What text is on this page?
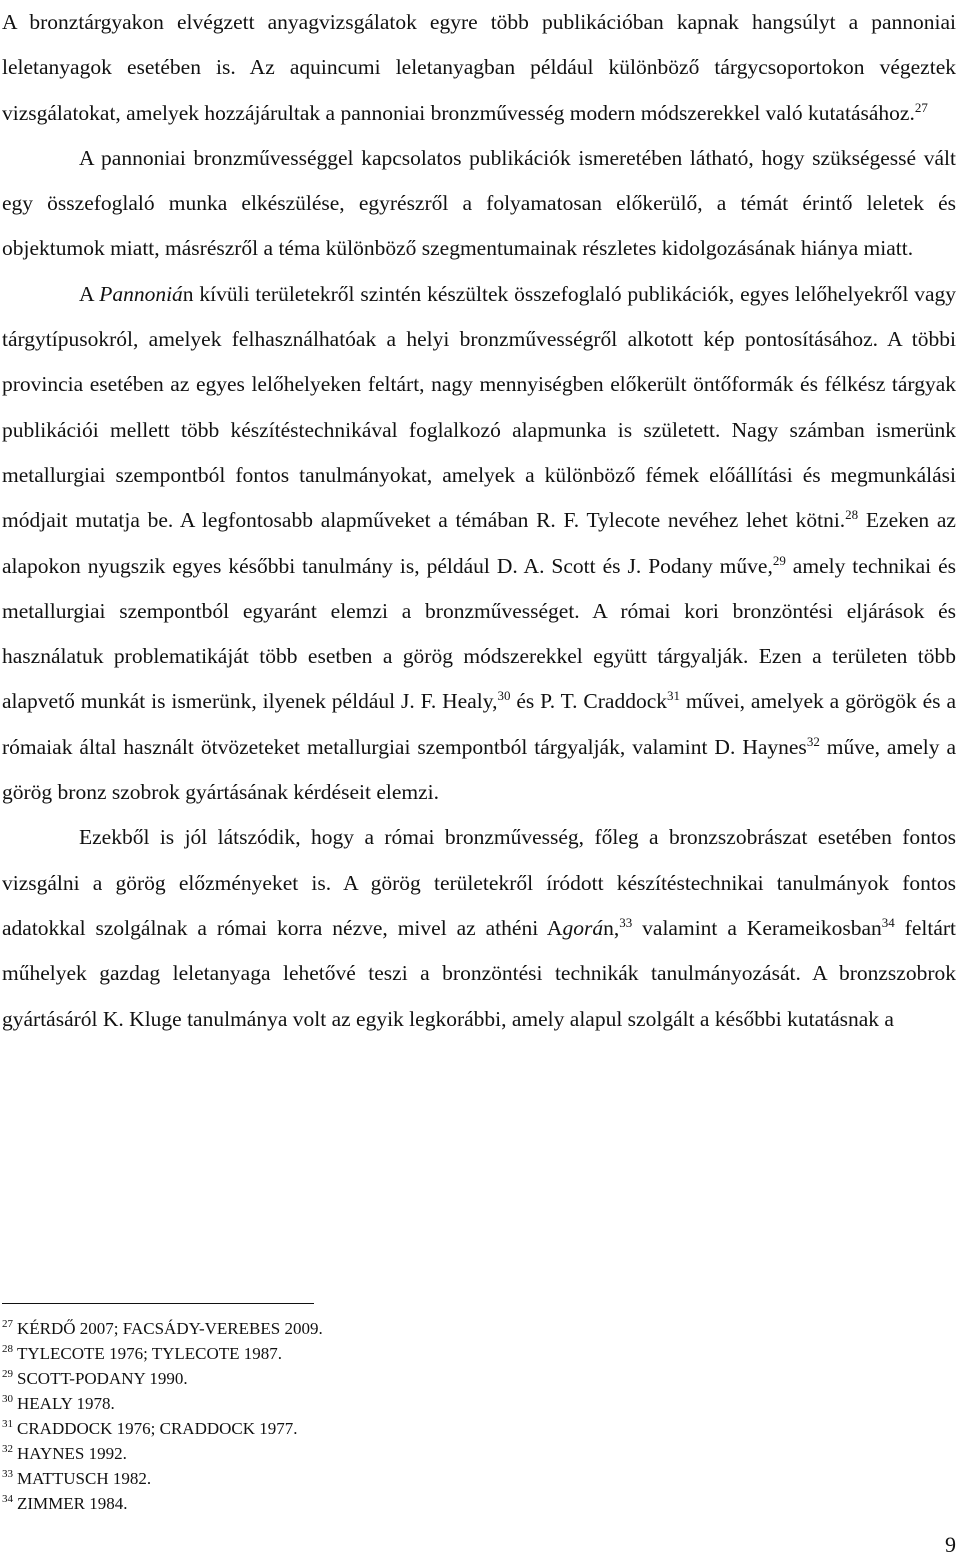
A bronztárgyakon elvégzett anyagvizsgálatok egyre több publikációban kapnak hangsúlyt a pannoniai leletanyagok esetében is. Az aquincumi leletanyagban például különböző tárgycsoportokon végeztek vizsgálatokat, amelyek hozzájárultak a pannoniai bronzművesség modern módszerekkel való kutatásához.$^{27}$

A pannoniai bronzművességgel kapcsolatos publikációk ismeretében látható, hogy szükségessé vált egy összefoglaló munka elkészülése, egyrészről a folyamatosan előkerülő, a témát érintő leletek és objektumok miatt, másrészről a téma különböző szegmentumainak részletes kidolgozásának hiánya miatt.

A Pannonián kívüli területekről szintén készültek összefoglaló publikációk, egyes lelőhelyekről vagy tárgytípusokról, amelyek felhasználhatóak a helyi bronzművességről alkotott kép pontosításához. A többi provincia esetében az egyes lelőhelyeken feltárt, nagy mennyiségben előkerült öntőformák és félkész tárgyak publikációi mellett több készítéstechnikával foglalkozó alapmunka is született. Nagy számban ismerünk metallurgiai szempontból fontos tanulmányokat, amelyek a különböző fémek előállítási és megmunkálási módjait mutatja be. A legfontosabb alapműveket a témában R. F. Tylecote nevéhez lehet kötni.$^{28}$ Ezeken az alapokon nyugszik egyes későbbi tanulmány is, például D. A. Scott és J. Podany műve,$^{29}$ amely technikai és metallurgiai szempontból egyaránt elemzi a bronzművességet. A római kori bronzöntési eljárások és használatuk problematikáját több esetben a görög módszerekkel együtt tárgyalják. Ezen a területen több alapvető munkát is ismerünk, ilyenek például J. F. Healy,$^{30}$ és P. T. Craddock$^{31}$ művei, amelyek a görögök és a rómaiak által használt ötvözeteket metallurgiai szempontból tárgyalják, valamint D. Haynes$^{32}$ műve, amely a görög bronz szobrok gyártásának kérdéseit elemzi.

Ezekből is jól látszódik, hogy a római bronzművesség, főleg a bronzszobrászat esetében fontos vizsgálni a görög előzményeket is. A görög területekről íródott készítéstechnikai tanulmányok fontos adatokkal szolgálnak a római korra nézve, mivel az athéni Agorán,$^{33}$ valamint a Kerameikosban$^{34}$ feltárt műhelyek gazdag leletanyaga lehetővé teszi a bronzöntési technikák tanulmányozását. A bronzszobrok gyártásáról K. Kluge tanulmánya volt az egyik legkorábbi, amely alapul szolgált a későbbi kutatásnak a

$^{27}$ KÉRDŐ 2007; FACSÁDY-VEREBES 2009.
$^{28}$ TYLECOTE 1976; TYLECOTE 1987.
$^{29}$ SCOTT-PODANY 1990.
$^{30}$ HEALY 1978.
$^{31}$ CRADDOCK 1976; CRADDOCK 1977.
$^{32}$ HAYNES 1992.
$^{33}$ MATTUSCH 1982.
$^{34}$ ZIMMER 1984.
9
